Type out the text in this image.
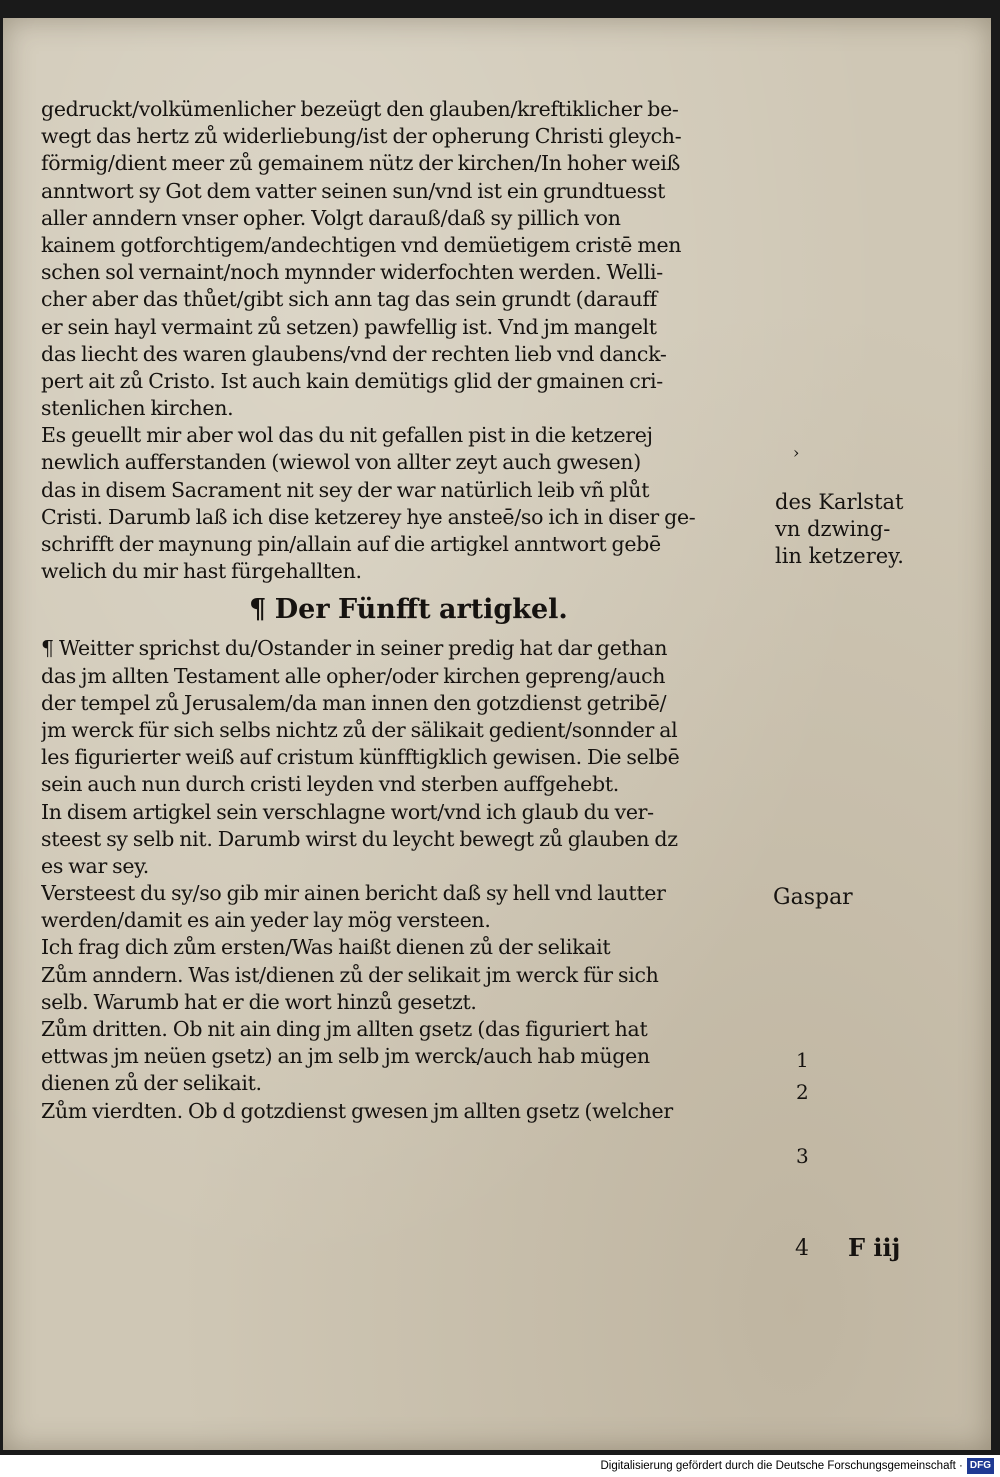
gedruckt/volkümenlicher bezeügt den glauben/kreftiklicher be-
wegt das hertz zů widerliebung/ist der opherung Christi gleych-
förmig/dient meer zů gemainem nütz der kirchen/In hoher weiß
anntwort sy Got dem vatter seinen sun/vnd ist ein grundtuesst
aller anndern vnser opher. Volgt darauß/daß sy pillich von
kainem gotforchtigem/andechtigen vnd demüetigem cristē men
schen sol vernaint/noch mynnder widerfochten werden. Welli-
cher aber das thůet/gibt sich ann tag das sein grundt (darauff
er sein hayl vermaint zů setzen) pawfellig ist. Vnd jm mangelt
das liecht des waren glaubens/vnd der rechten lieb vnd danck-
pert ait zů Cristo. Ist auch kain demütigs glid der gmainen cri-
stenlichen kirchen.
Es geuellt mir aber wol das du nit gefallen pist in die ketzerej
newlich aufferstanden (wiewol von allter zeyt auch gwesen)
das in disem Sacrament nit sey der war natürlich leib vñ plůt
Cristi. Darumb laß ich dise ketzerey hye ansteē/so ich in diser ge-
schrifft der maynung pin/allain auf die artigkel anntwort gebē
welich du mir hast fürgehallten.
¶ Der Fünfft artigkel.
¶ Weitter sprichst du/Ostander in seiner predig hat dar gethan
das jm allten Testament alle opher/oder kirchen gepreng/auch
der tempel zů Jerusalem/da man innen den gotzdienst getribē/
jm werck für sich selbs nichtz zů der sälikait gedient/sonnder al
les figurierter weiß auf cristum künfftigklich gewisen. Die selbē
sein auch nun durch cristi leyden vnd sterben auffgehebt.
In disem artigkel sein verschlagne wort/vnd ich glaub du ver-
steest sy selb nit. Darumb wirst du leycht bewegt zů glauben dz
es war sey.
Versteest du sy/so gib mir ainen bericht daß sy hell vnd lautter
werden/damit es ain yeder lay mög versteen.
Ich frag dich zům ersten/Was haißt dienen zů der selikait
Zům anndern. Was ist/dienen zů der selikait jm werck für sich
selb. Warumb hat er die wort hinzů gesetzt.
Zům dritten. Ob nit ain ding jm allten gsetz (das figuriert hat
ettwas jm neüen gsetz) an jm selb jm werck/auch hab mügen
dienen zů der selikait.
Zům vierdten. Ob d gotzdienst gwesen jm allten gsetz (welcher
›
des Karlstat
vn dzwing-
lin ketzerey.
Gaspar
1
2
3
4 F iij
Digitalisierung gefördert durch die Deutsche Forschungsgemeinschaft · DFG
